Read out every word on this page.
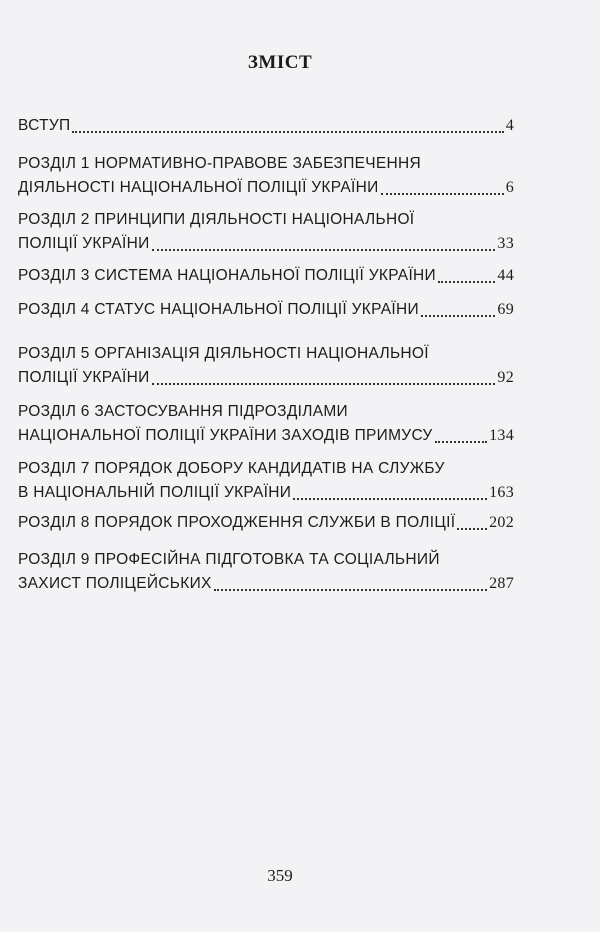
ЗМІСТ
ВСТУП	4
РОЗДІЛ 1 НОРМАТИВНО-ПРАВОВЕ ЗАБЕЗПЕЧЕННЯ
ДІЯЛЬНОСТІ НАЦІОНАЛЬНОЇ ПОЛІЦІЇ УКРАЇНИ	6
РОЗДІЛ 2 ПРИНЦИПИ ДІЯЛЬНОСТІ НАЦІОНАЛЬНОЇ
ПОЛІЦІЇ УКРАЇНИ	33
РОЗДІЛ 3 СИСТЕМА НАЦІОНАЛЬНОЇ ПОЛІЦІЇ УКРАЇНИ	44
РОЗДІЛ 4 СТАТУС НАЦІОНАЛЬНОЇ ПОЛІЦІЇ УКРАЇНИ	69
РОЗДІЛ 5 ОРГАНІЗАЦІЯ ДІЯЛЬНОСТІ НАЦІОНАЛЬНОЇ
ПОЛІЦІЇ УКРАЇНИ	92
РОЗДІЛ 6 ЗАСТОСУВАННЯ ПІДРОЗДІЛАМИ
НАЦІОНАЛЬНОЇ ПОЛІЦІЇ УКРАЇНИ ЗАХОДІВ ПРИМУСУ	134
РОЗДІЛ 7 ПОРЯДОК ДОБОРУ КАНДИДАТІВ НА СЛУЖБУ
В НАЦІОНАЛЬНІЙ ПОЛІЦІЇ УКРАЇНИ	163
РОЗДІЛ 8 ПОРЯДОК ПРОХОДЖЕННЯ СЛУЖБИ В ПОЛІЦІЇ 202
РОЗДІЛ 9 ПРОФЕСІЙНА ПІДГОТОВКА ТА СОЦІАЛЬНИЙ
ЗАХИСТ ПОЛІЦЕЙСЬКИХ	287
359
